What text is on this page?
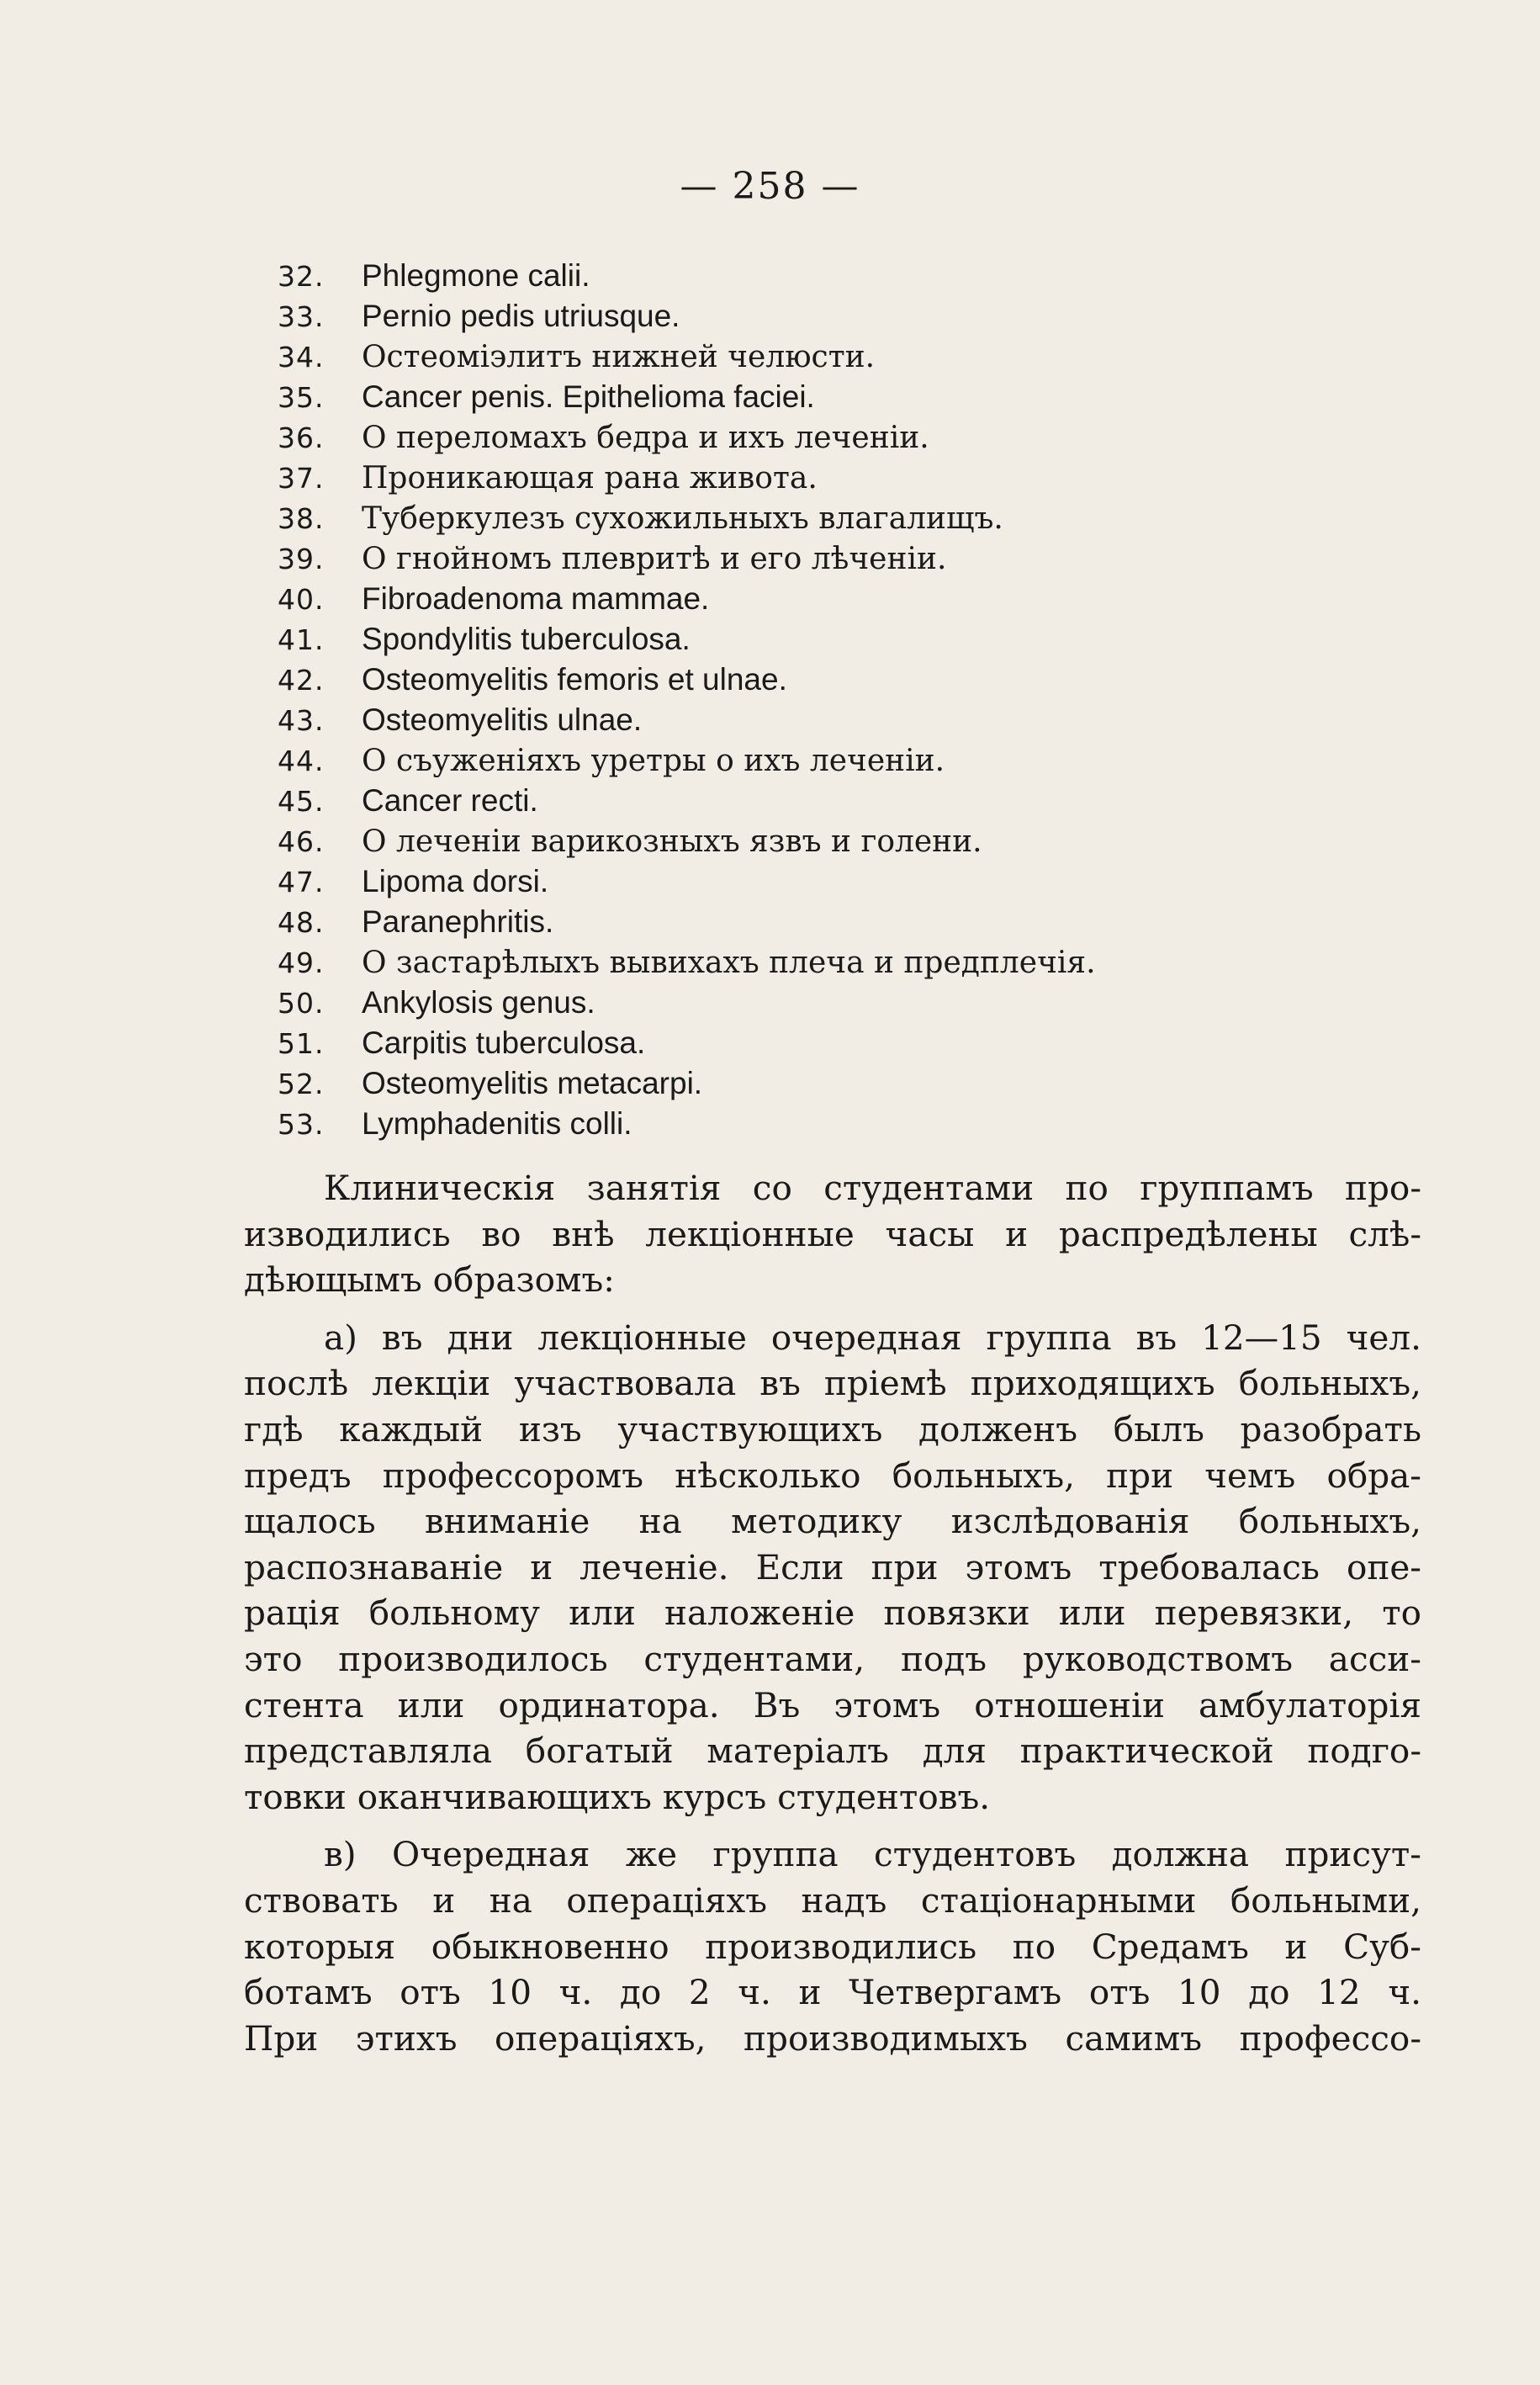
— 258 —
32.	Phlegmone calii.
33.	Pernio pedis utriusque.
34.	Остеоміэлитъ нижней челюсти.
35.	Cancer penis. Epithelioma faciei.
36.	О переломахъ бедра и ихъ леченіи.
37.	Проникающая рана живота.
38.	Туберкулезъ сухожильныхъ влагалищъ.
39.	О гнойномъ плевритѣ и его лѣченіи.
40.	Fibroadenoma mammae.
41.	Spondylitis tuberculosa.
42.	Osteomyelitis femoris et ulnae.
43.	Osteomyelitis ulnae.
44.	О съуженіяхъ уретры о ихъ леченіи.
45.	Cancer recti.
46.	О леченіи варикозныхъ язвъ и голени.
47.	Lipoma dorsi.
48.	Paranephritis.
49.	О застарѣлыхъ вывихахъ плеча и предплечія.
50.	Ankylosis genus.
51.	Carpitis tuberculosa.
52.	Osteomyelitis metacarpi.
53.	Lymphadenitis colli.
Клиническія занятія со студентами по группамъ про-
изводились во внѣ лекціонные часы и распредѣлены слѣ-
дѣющымъ образомъ:
а) въ дни лекціонные очередная группа въ 12—15 чел.
послѣ лекціи участвовала въ пріемѣ приходящихъ больныхъ,
гдѣ каждый изъ участвующихъ долженъ былъ разобрать
предъ профессоромъ нѣсколько больныхъ, при чемъ обра-
щалось вниманіе на методику изслѣдованія больныхъ,
распознаваніе и леченіе. Если при этомъ требовалась опе-
рація больному или наложеніе повязки или перевязки, то
это производилось студентами, подъ руководствомъ асси-
стента или ординатора. Въ этомъ отношеніи амбулаторія
представляла богатый матеріалъ для практической подго-
товки оканчивающихъ курсъ студентовъ.
в) Очередная же группа студентовъ должна присут-
ствовать и на операціяхъ надъ стаціонарными больными,
которыя обыкновенно производились по Средамъ и Суб-
ботамъ отъ 10 ч. до 2 ч. и Четвергамъ отъ 10 до 12 ч.
При этихъ операціяхъ, производимыхъ самимъ профессо-
